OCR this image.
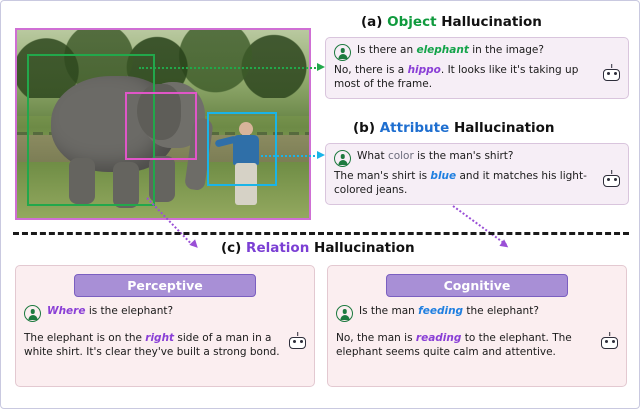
(a) Object Hallucination
Is there an elephant in the image?
No, there is a hippo. It looks like it's taking up most of the frame.
(b) Attribute Hallucination
What color is the man's shirt?
The man's shirt is blue and it matches his light-colored jeans.
(c) Relation Hallucination
Perceptive
Where is the elephant?
The elephant is on the right side of a man in a white shirt. It's clear they've built a strong bond.
Cognitive
Is the man feeding the elephant?
No, the man is reading to the elephant. The elephant seems quite calm and attentive.
